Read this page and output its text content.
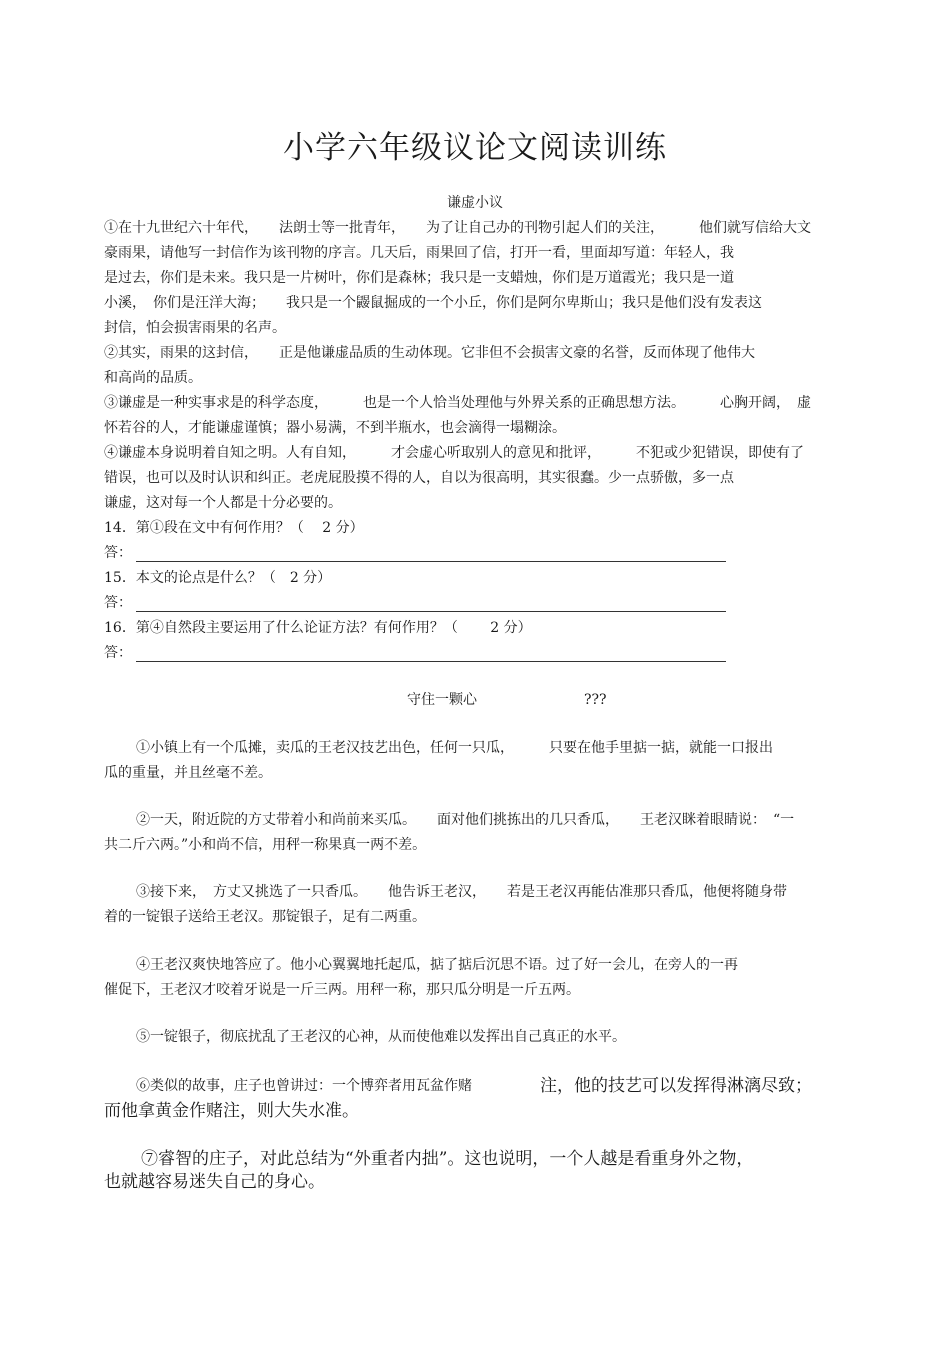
小学六年级议论文阅读训练
谦虚小议
①在十九世纪六十年代，　　法朗士等一批青年，　　为了让自己办的刊物引起人们的关注，　　　他们就写信给大文
豪雨果，请他写一封信作为该刊物的序言。几天后，雨果回了信，打开一看，里面却写道：年轻人，我
是过去，你们是未来。我只是一片树叶，你们是森林；我只是一支蜡烛，你们是万道霞光；我只是一道
小溪，　你们是汪洋大海；　　我只是一个鼹鼠掘成的一个小丘，你们是阿尔卑斯山；我只是他们没有发表这
封信，怕会损害雨果的名声。
②其实，雨果的这封信，　　正是他谦虚品质的生动体现。它非但不会损害文豪的名誉，反而体现了他伟大
和高尚的品质。
③谦虚是一种实事求是的科学态度，　　　也是一个人恰当处理他与外界关系的正确思想方法。　　　心胸开阔，　虚
怀若谷的人，才能谦虚谨慎；器小易满，不到半瓶水，也会滴得一塌糊涂。
④谦虚本身说明着自知之明。人有自知，　　　才会虚心听取别人的意见和批评，　　　不犯或少犯错误，即使有了
错误，也可以及时认识和纠正。老虎屁股摸不得的人，自以为很高明，其实很蠢。少一点骄傲，多一点
谦虚，这对每一个人都是十分必要的。
14．第①段在文中有何作用？（　 2 分）
答：
15．本文的论点是什么？（　2 分）
答：
16．第④自然段主要运用了什么论证方法？有何作用？（　　 2 分）
答：
守住一颗心	???
①小镇上有一个瓜摊，卖瓜的王老汉技艺出色，任何一只瓜，　　　只要在他手里掂一掂，就能一口报出
瓜的重量，并且丝毫不差。
②一天，附近院的方丈带着小和尚前来买瓜。　　面对他们挑拣出的几只香瓜，　　王老汉眯着眼睛说：　“一
共二斤六两。”小和尚不信，用秤一称果真一两不差。
③接下来，　方丈又挑选了一只香瓜。　　他告诉王老汉，　　若是王老汉再能估准那只香瓜，他便将随身带
着的一锭银子送给王老汉。那锭银子，足有二两重。
④王老汉爽快地答应了。他小心翼翼地托起瓜，掂了掂后沉思不语。过了好一会儿，在旁人的一再
催促下，王老汉才咬着牙说是一斤三两。用秤一称，那只瓜分明是一斤五两。
⑤一锭银子，彻底扰乱了王老汉的心神，从而使他难以发挥出自己真正的水平。
⑥类似的故事，庄子也曾讲过：一个博弈者用瓦盆作赌	注，他的技艺可以发挥得淋漓尽致；
而他拿黄金作赌注，则大失水准。
⑦睿智的庄子，对此总结为“外重者内拙”。这也说明，一个人越是看重身外之物，
也就越容易迷失自己的身心。
